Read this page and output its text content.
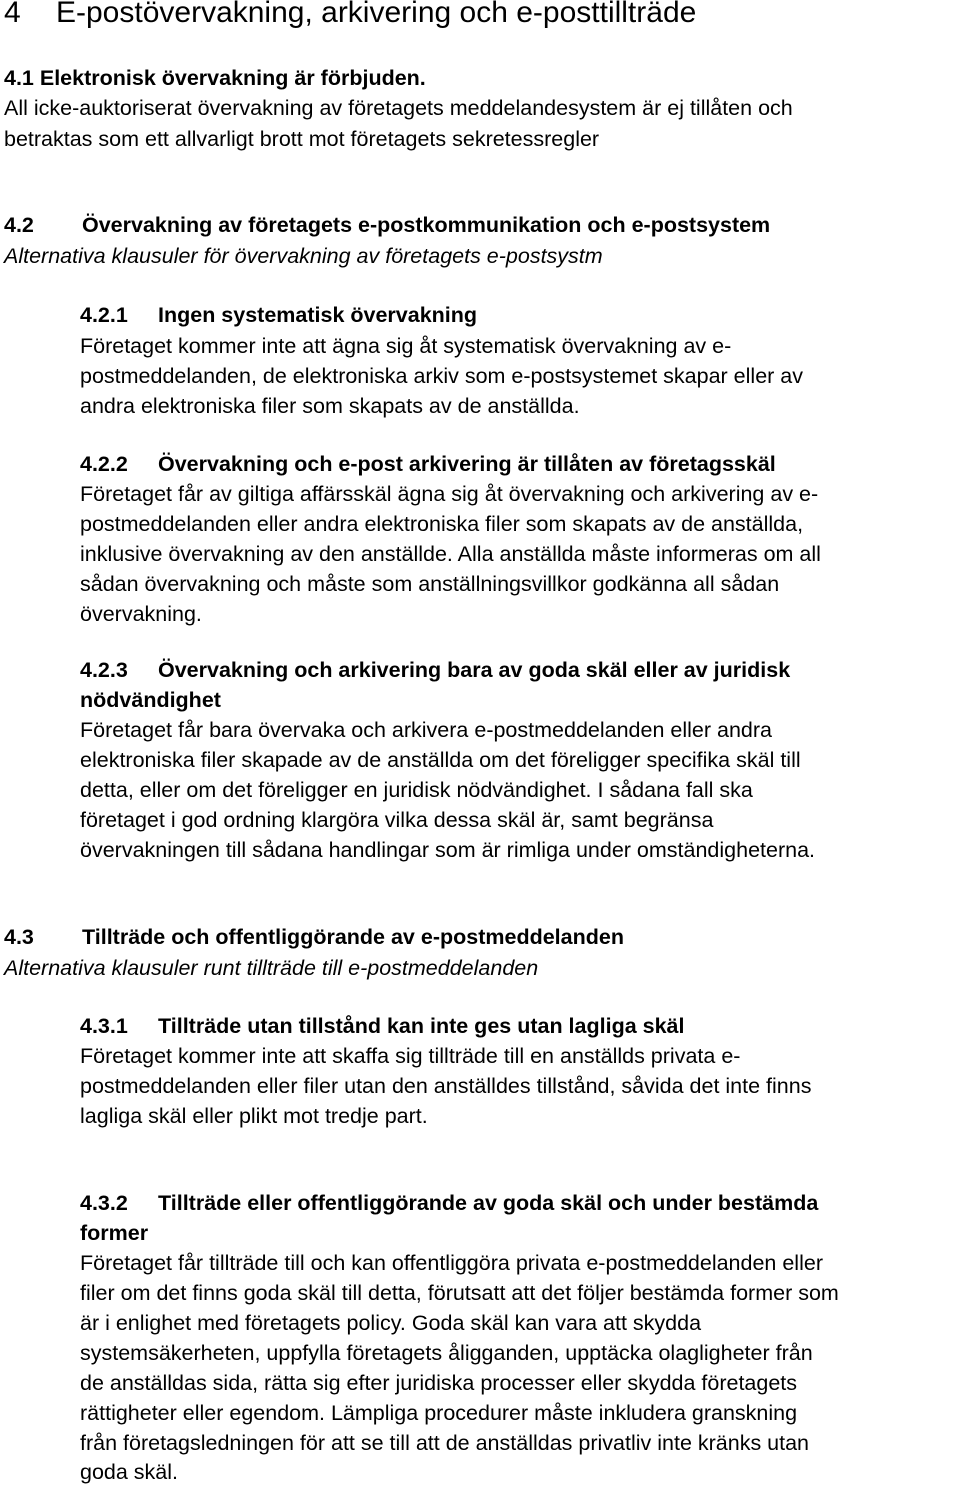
4 E-postövervakning, arkivering och e-posttillträde
4.1 Elektronisk övervakning är förbjuden.
All icke-auktoriserat övervakning av företagets meddelandesystem är ej tillåten och
betraktas som ett allvarligt brott mot företagets sekretessregler
4.2 Övervakning av företagets e-postkommunikation och e-postsystem
Alternativa klausuler för övervakning av företagets e-postsystm
4.2.1 Ingen systematisk övervakning
Företaget kommer inte att ägna sig åt systematisk övervakning av e-
postmeddelanden, de elektroniska arkiv som e-postsystemet skapar eller av
andra elektroniska filer som skapats av de anställda.
4.2.2 Övervakning och e-post arkivering är tillåten av företagsskäl
Företaget får av giltiga affärsskäl ägna sig åt övervakning och arkivering av e-
postmeddelanden eller andra elektroniska filer som skapats av de anställda,
inklusive övervakning av den anställde. Alla anställda måste informeras om all
sådan övervakning och måste som anställningsvillkor godkänna all sådan
övervakning.
4.2.3 Övervakning och arkivering bara av goda skäl eller av juridisk
nödvändighet
Företaget får bara övervaka och arkivera e-postmeddelanden eller andra
elektroniska filer skapade av de anställda om det föreligger specifika skäl till
detta, eller om det föreligger en juridisk nödvändighet. I sådana fall ska
företaget i god ordning klargöra vilka dessa skäl är, samt begränsa
övervakningen till sådana handlingar som är rimliga under omständigheterna.
4.3 Tillträde och offentliggörande av e-postmeddelanden
Alternativa klausuler runt tillträde till e-postmeddelanden
4.3.1 Tillträde utan tillstånd kan inte ges utan lagliga skäl
Företaget kommer inte att skaffa sig tillträde till en anställds privata e-
postmeddelanden eller filer utan den anställdes tillstånd, såvida det inte finns
lagliga skäl eller plikt mot tredje part.
4.3.2 Tillträde eller offentliggörande av goda skäl och under bestämda
former
Företaget får tillträde till och kan offentliggöra privata e-postmeddelanden eller
filer om det finns goda skäl till detta, förutsatt att det följer bestämda former som
är i enlighet med företagets policy. Goda skäl kan vara att skydda
systemsäkerheten, uppfylla företagets åligganden, upptäcka olagligheter från
de anställdas sida, rätta sig efter juridiska processer eller skydda företagets
rättigheter eller egendom. Lämpliga procedurer måste inkludera granskning
från företagsledningen för att se till att de anställdas privatliv inte kränks utan
goda skäl.
